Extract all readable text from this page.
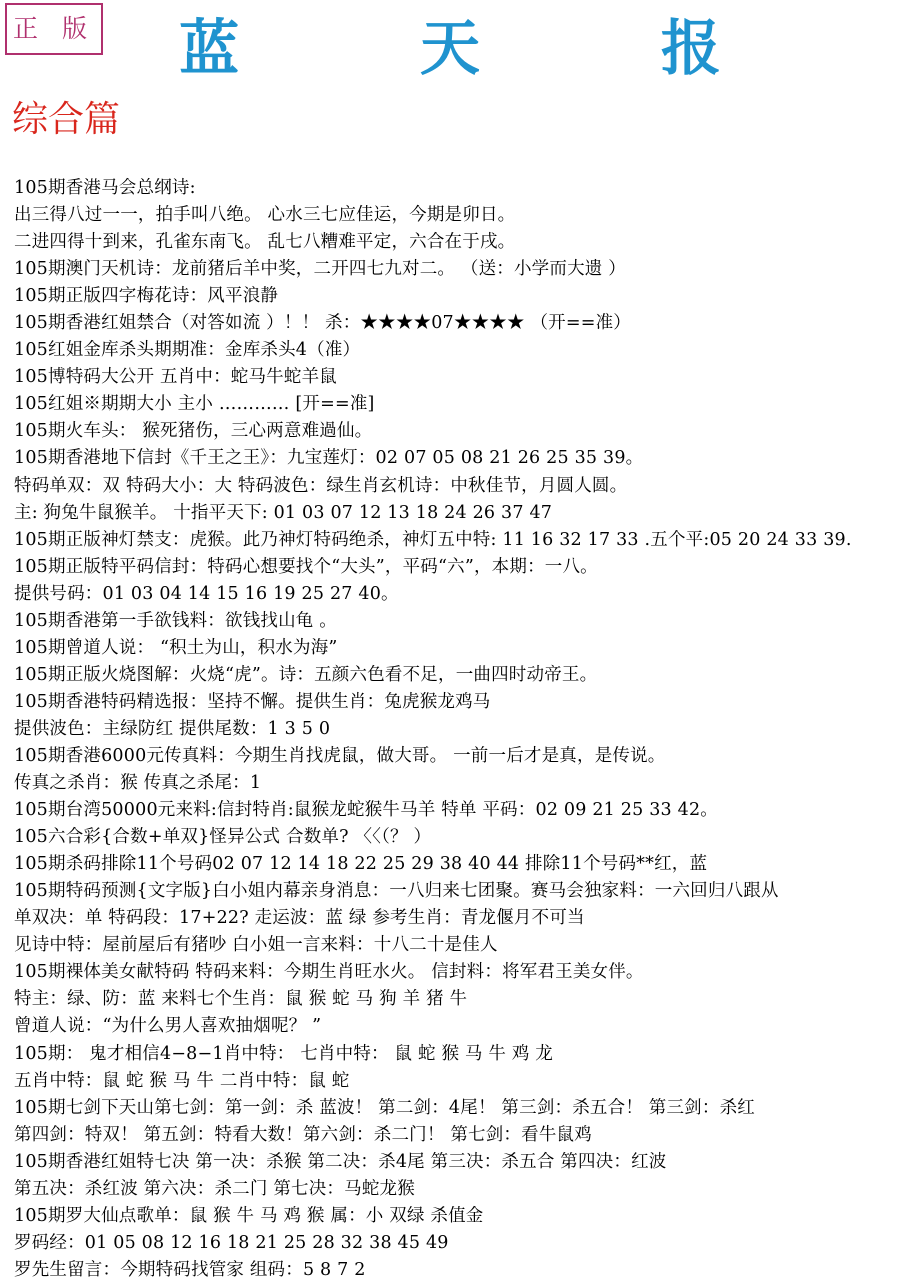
正 版	蓝 天 报
综合篇
105期香港马会总纲诗:
出三得八过一一，拍手叫八绝。 心水三七应佳运，今期是卯日。
二进四得十到来，孔雀东南飞。 乱七八糟难平定，六合在于戌。
105期澳门天机诗：龙前猪后羊中奖，二开四七九对二。 （送：小学而大遗 ）
105期正版四字梅花诗：风平浪静
105期香港红姐禁合（对答如流 ）！！ 杀：★★★★07★★★★ （开==准）
105红姐金库杀头期期准：金库杀头4（准）
105博特码大公开 五肖中：蛇马牛蛇羊鼠
105红姐※期期大小 主小 ………… [开==准]
105期火车头： 猴死猪伤，三心两意难過仙。
105期香港地下信封《千王之王》：九宝莲灯：02 07 05 08 21 26 25 35 39。
特码单双：双 特码大小：大 特码波色：绿生肖玄机诗：中秋佳节，月圆人圆。
主: 狗兔牛鼠猴羊。 十指平天下: 01 03 07 12 13 18 24 26 37 47
105期正版神灯禁支：虎猴。此乃神灯特码绝杀，神灯五中特: 11 16 32 17 33 .五个平:05 20 24 33 39.
105期正版特平码信封：特码心想要找个“大头”，平码“六”，本期：一八。
提供号码：01 03 04 14 15 16 19 25 27 40。
105期香港第一手欲钱料：欲钱找山龟 。
105期曾道人说： “积土为山，积水为海”
105期正版火烧图解：火烧“虎”。诗：五颜六色看不足，一曲四时动帝王。
105期香港特码精选报：坚持不懈。提供生肖：兔虎猴龙鸡马
提供波色：主绿防红 提供尾数：1 3 5 0
105期香港6000元传真料：今期生肖找虎鼠，做大哥。 一前一后才是真，是传说。
传真之杀肖：猴 传真之杀尾：1
105期台湾50000元来料:信封特肖:鼠猴龙蛇猴牛马羊 特单 平码：02 09 21 25 33 42。
105六合彩{合数+单双}怪异公式 合数单? 〈〈（？ ）
105期杀码排除11个号码02 07 12 14 18 22 25 29 38 40 44 排除11个号码**红，蓝
105期特码预测{文字版}白小姐内幕亲身消息：一八归来七团聚。赛马会独家料：一六回归八跟从
单双决：单 特码段：17+22? 走运波：蓝 绿 参考生肖：青龙偃月不可当
见诗中特：屋前屋后有猪吵 白小姐一言来料：十八二十是佳人
105期裸体美女献特码 特码来料：今期生肖旺水火。 信封料：将军君王美女伴。
特主：绿、防：蓝 来料七个生肖：鼠 猴 蛇 马 狗 羊 猪 牛
曾道人说：“为什么男人喜欢抽烟呢？ ”
105期： 鬼才相信4−8−1肖中特： 七肖中特： 鼠 蛇 猴 马 牛 鸡 龙
五肖中特：鼠 蛇 猴 马 牛 二肖中特：鼠 蛇
105期七剑下天山第七剑：第一剑：杀 蓝波！ 第二剑：4尾！ 第三剑：杀五合！ 第三剑：杀红
第四剑：特双！ 第五剑：特看大数！第六剑：杀二门！ 第七剑：看牛鼠鸡
105期香港红姐特七决 第一决：杀猴 第二决：杀4尾 第三决：杀五合 第四决：红波
第五决：杀红波 第六决：杀二门 第七决：马蛇龙猴
105期罗大仙点歌单：鼠 猴 牛 马 鸡 猴 属：小 双绿 杀值金
罗码经：01 05 08 12 16 18 21 25 28 32 38 45 49
罗先生留言：今期特码找管家 组码：5 8 7 2
